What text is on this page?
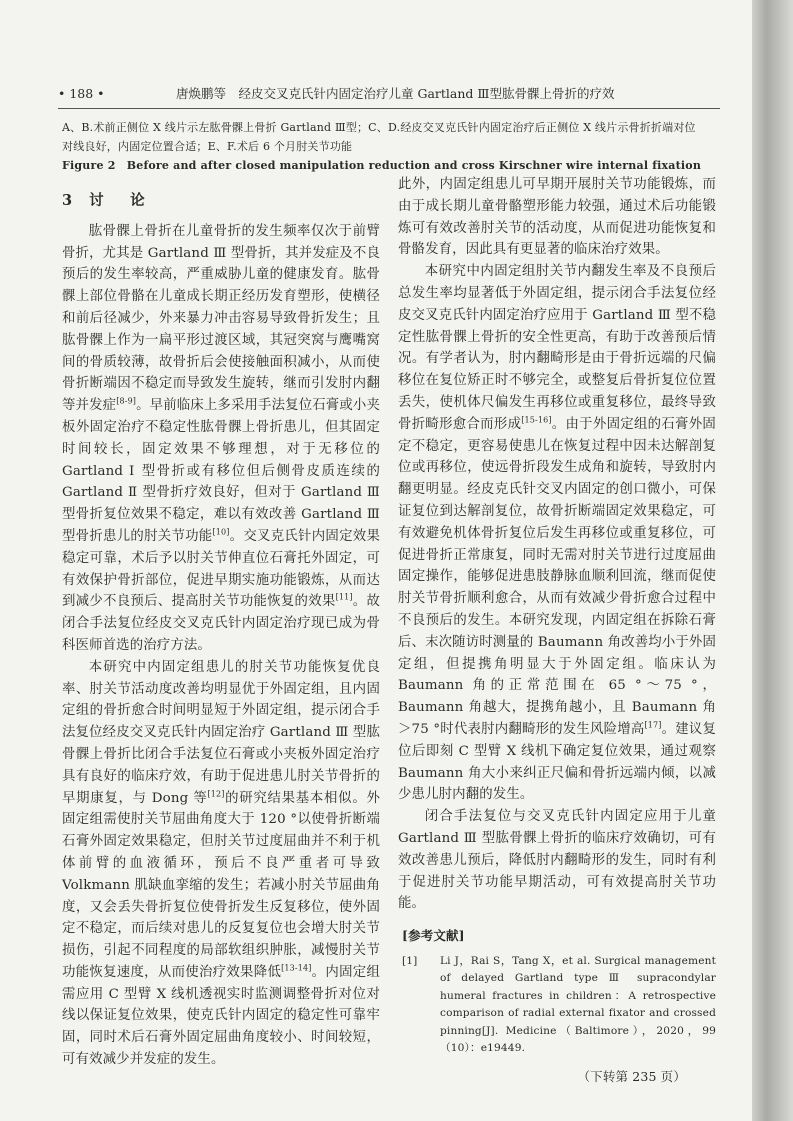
• 188 •	唐焕鹏等　经皮交叉克氏针内固定治疗儿童 Gartland Ⅲ型肱骨髁上骨折的疗效
A、B.术前正侧位 X 线片示左肱骨髁上骨折 Gartland Ⅲ型；C、D.经皮交叉克氏针内固定治疗后正侧位 X 线片示骨折折端对位
对线良好，内固定位置合适；E、F.术后 6 个月肘关节功能
Figure 2　Before and after closed manipulation reduction and cross Kirschner wire internal fixation
3 讨　论

肱骨髁上骨折在儿童骨折的发生频率仅次于前臂骨折，尤其是 Gartland Ⅲ 型骨折，其并发症及不良预后的发生率较高，严重威胁儿童的健康发育。肱骨髁上部位骨骼在儿童成长期正经历发育塑形，使横径和前后径减少，外来暴力冲击容易导致骨折发生；且肱骨髁上作为一扁平形过渡区域，其冠突窝与鹰嘴窝间的骨质较薄，故骨折后会使接触面积减小，从而使骨折断端因不稳定而导致发生旋转，继而引发肘内翻等并发症[8-9]。早前临床上多采用手法复位石膏或小夹板外固定治疗不稳定性肱骨髁上骨折患儿，但其固定时间较长，固定效果不够理想，对于无移位的 Gartland Ⅰ 型骨折或有移位但后侧骨皮质连续的 Gartland Ⅱ 型骨折疗效良好，但对于 Gartland Ⅲ 型骨折复位效果不稳定，难以有效改善 Gartland Ⅲ 型骨折患儿的肘关节功能[10]。交叉克氏针内固定效果稳定可靠，术后予以肘关节伸直位石膏托外固定，可有效保护骨折部位，促进早期实施功能锻炼，从而达到减少不良预后、提高肘关节功能恢复的效果[11]。故闭合手法复位经皮交叉克氏针内固定治疗现已成为骨科医师首选的治疗方法。

本研究中内固定组患儿的肘关节功能恢复优良率、肘关节活动度改善均明显优于外固定组，且内固定组的骨折愈合时间明显短于外固定组，提示闭合手法复位经皮交叉克氏针内固定治疗 Gartland Ⅲ 型肱骨髁上骨折比闭合手法复位石膏或小夹板外固定治疗具有良好的临床疗效，有助于促进患儿肘关节骨折的早期康复，与 Dong 等[12]的研究结果基本相似。外固定组需使肘关节屈曲角度大于 120 °以使骨折断端石膏外固定效果稳定，但肘关节过度屈曲并不利于机体前臂的血液循环，预后不良严重者可导致 Volkmann 肌缺血挛缩的发生；若减小肘关节屈曲角度，又会丢失骨折复位使骨折发生反复移位，使外固定不稳定，而后续对患儿的反复复位也会增大肘关节损伤，引起不同程度的局部软组织肿胀，减慢肘关节功能恢复速度，从而使治疗效果降低[13-14]。内固定组需应用 C 型臂 X 线机透视实时监测调整骨折对位对线以保证复位效果，使克氏针内固定的稳定性可靠牢固，同时术后石膏外固定屈曲角度较小、时间较短，可有效减少并发症的发生。

此外，内固定组患儿可早期开展肘关节功能锻炼，而由于成长期儿童骨骼塑形能力较强，通过术后功能锻炼可有效改善肘关节的活动度，从而促进功能恢复和骨骼发育，因此具有更显著的临床治疗效果。

本研究中内固定组肘关节内翻发生率及不良预后总发生率均显著低于外固定组，提示闭合手法复位经皮交叉克氏针内固定治疗应用于 Gartland Ⅲ 型不稳定性肱骨髁上骨折的安全性更高，有助于改善预后情况。有学者认为，肘内翻畸形是由于骨折远端的尺偏移位在复位矫正时不够完全，或整复后骨折复位位置丢失，使机体尺偏发生再移位或重复移位，最终导致骨折畸形愈合而形成[15-16]。由于外固定组的石膏外固定不稳定，更容易使患儿在恢复过程中因未达解剖复位或再移位，使远骨折段发生成角和旋转，导致肘内翻更明显。经皮克氏针交叉内固定的创口微小，可保证复位到达解剖复位，故骨折断端固定效果稳定，可有效避免机体骨折复位后发生再移位或重复移位，可促进骨折正常康复，同时无需对肘关节进行过度屈曲固定操作，能够促进患肢静脉血顺利回流，继而促使肘关节骨折顺利愈合，从而有效减少骨折愈合过程中不良预后的发生。本研究发现，内固定组在拆除石膏后、末次随访时测量的 Baumann 角改善均小于外固定组，但提携角明显大于外固定组。临床认为 Baumann 角的正常范围在 65 °～75 °，Baumann 角越大，提携角越小，且 Baumann 角＞75 °时代表肘内翻畸形的发生风险增高[17]。建议复位后即刻 C 型臂 X 线机下确定复位效果，通过观察 Baumann 角大小来纠正尺偏和骨折远端内倾，以减少患儿肘内翻的发生。

闭合手法复位与交叉克氏针内固定应用于儿童 Gartland Ⅲ 型肱骨髁上骨折的临床疗效确切，可有效改善患儿预后，降低肘内翻畸形的发生，同时有利于促进肘关节功能早期活动，可有效提高肘关节功能。

[参考文献]
[1]	Li J，Rai S，Tang X，et al. Surgical management of delayed Gartland type Ⅲ supracondylar humeral fractures in children：A retrospective comparison of radial external fixator and crossed pinning[J]. Medicine（Baltimore），2020，99（10）：e19449.
（下转第 235 页）
